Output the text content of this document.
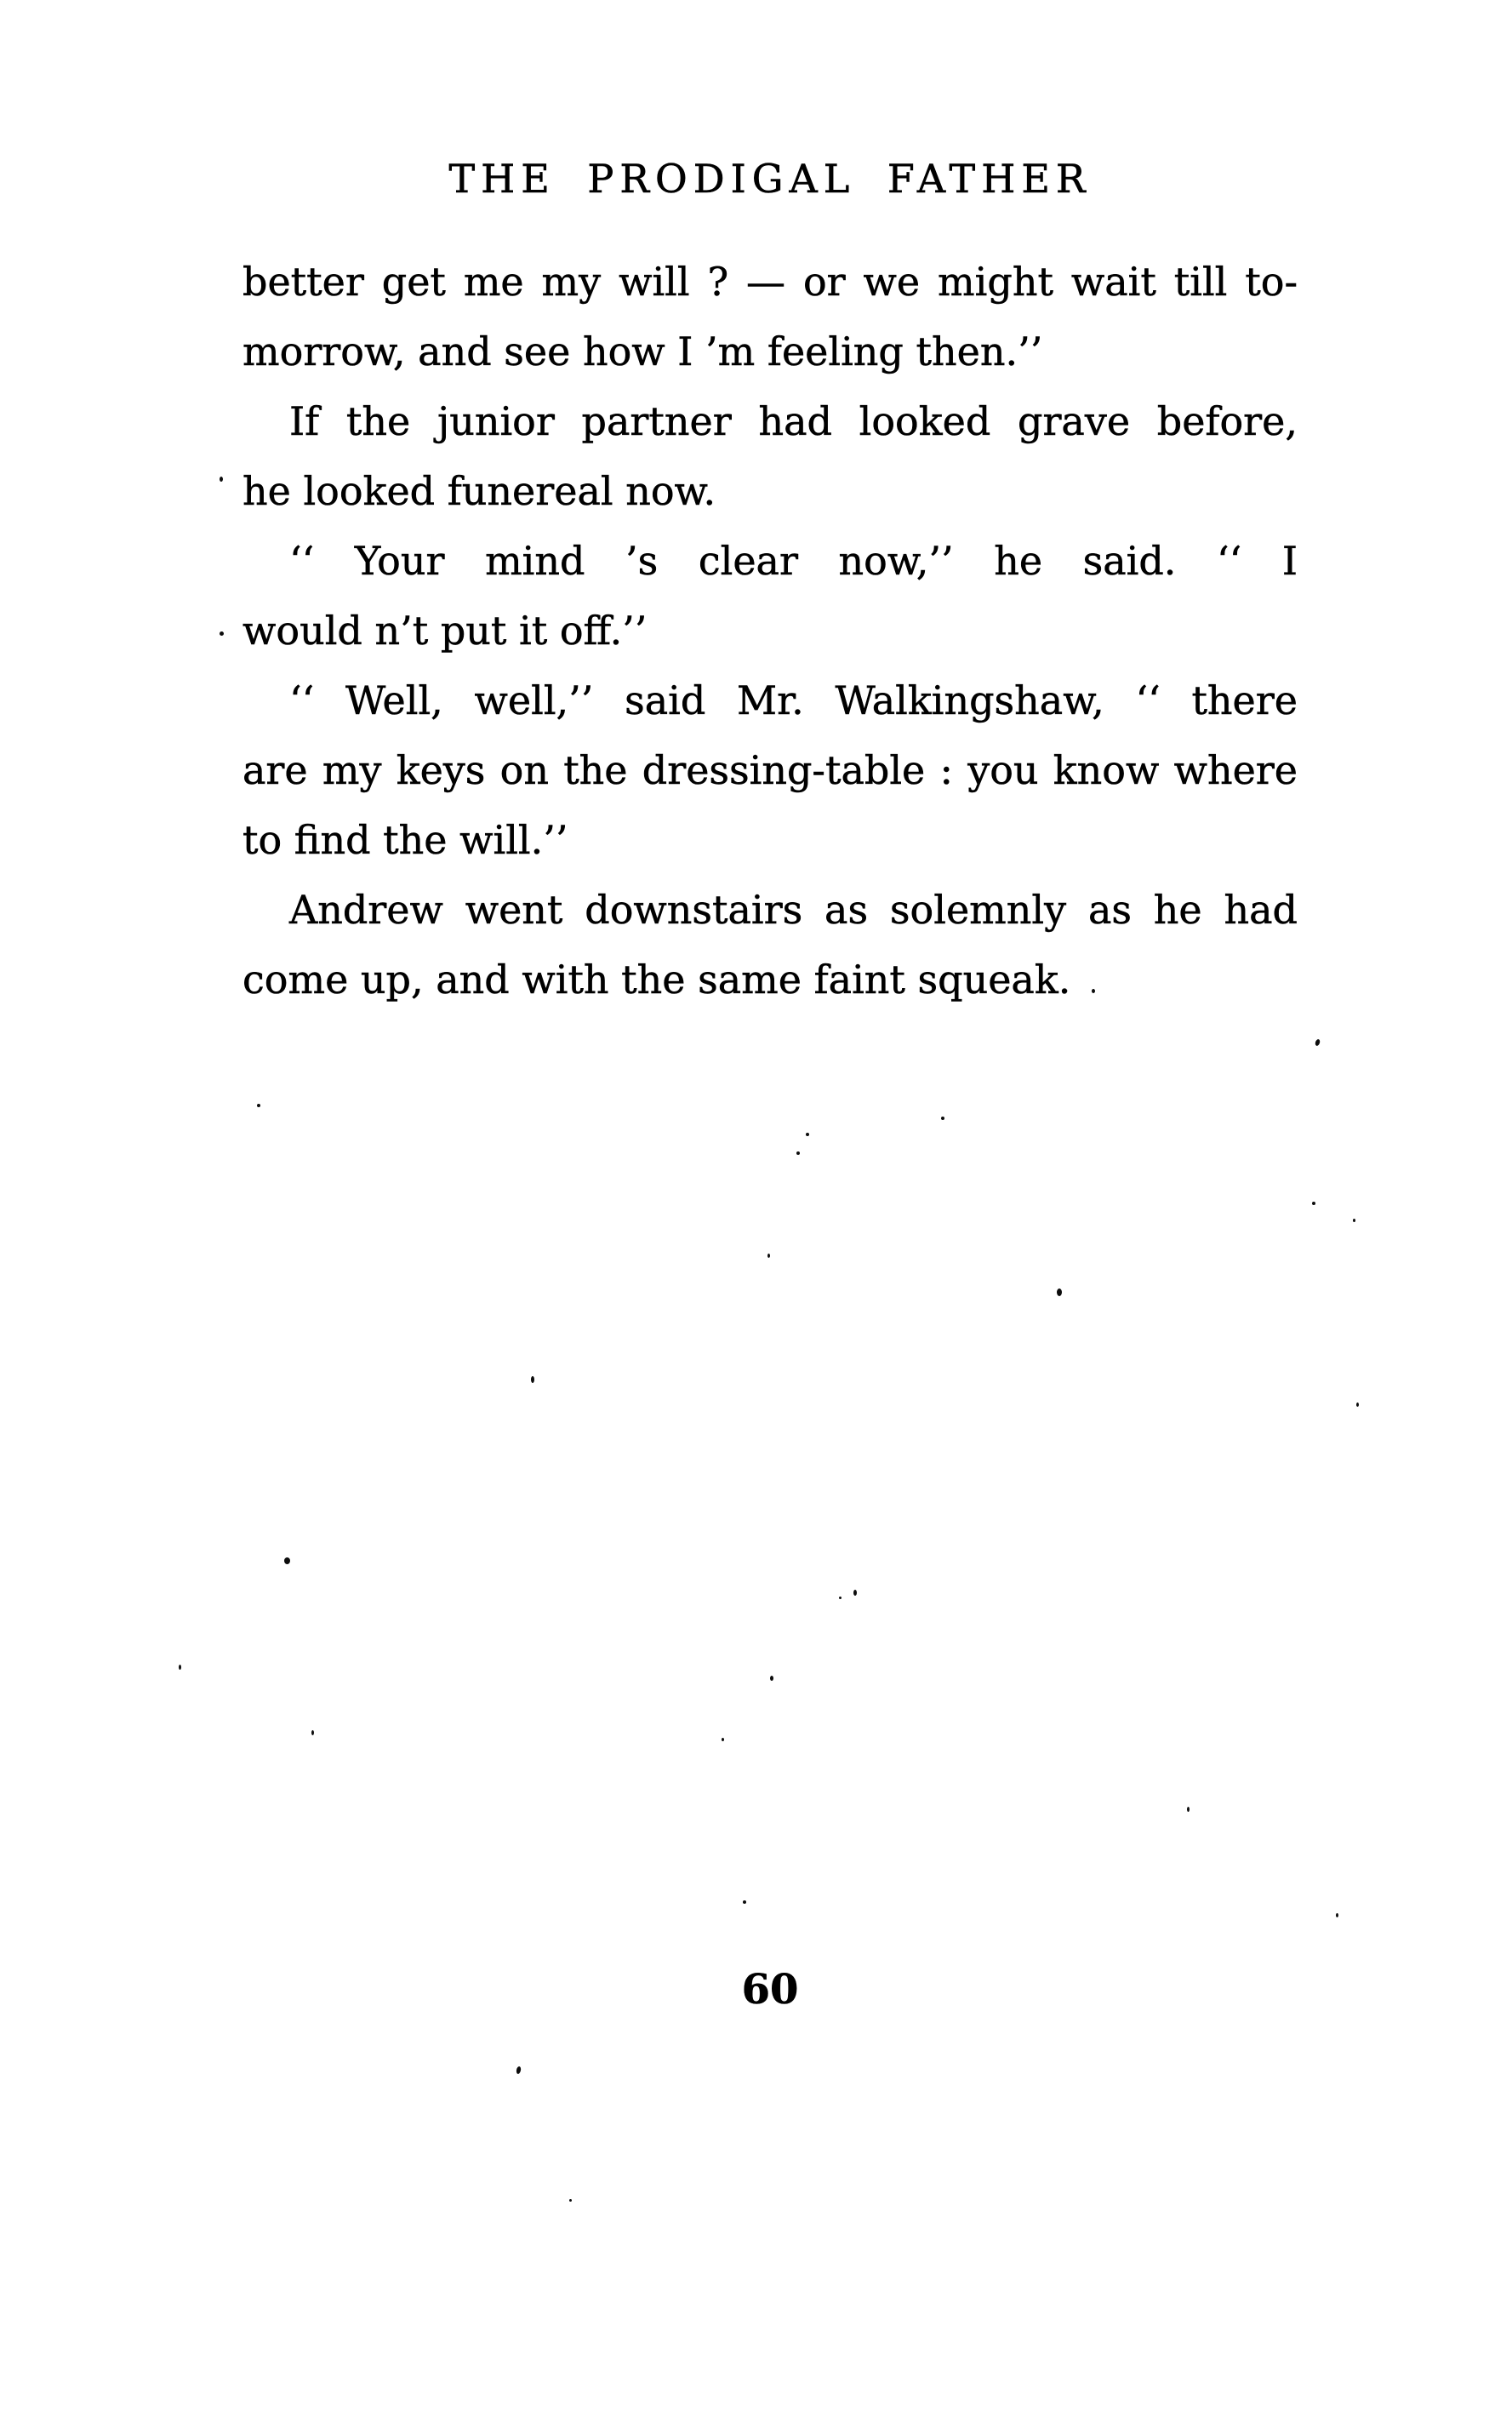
THE PRODIGAL FATHER
better get me my will ? — or we might wait till to-
morrow, and see how I ’m feeling then.’’
If the junior partner had looked grave before,
he looked funereal now.
‘‘ Your mind ’s clear now,’’ he said. ‘‘ I
would n’t put it off.’’
‘‘ Well, well,’’ said Mr. Walkingshaw, ‘‘ there
are my keys on the dressing-table : you know where
to find the will.’’
Andrew went downstairs as solemnly as he had
come up, and with the same faint squeak.
60
